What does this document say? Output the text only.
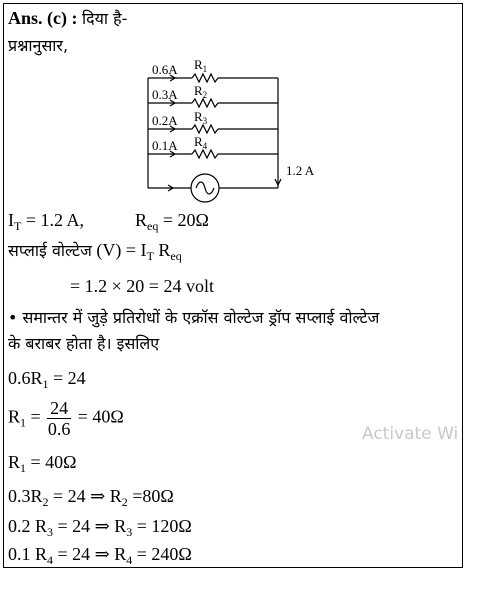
Ans. (c) : दिया है-
प्रश्नानुसार,
0.6A
0.3A
0.2A
0.1A
$R_1$
$R_2$
$R_3$
$R_4$
1.2 A
$I_T = 1.2$ A,	$R_{eq} = 20\Omega$
सप्लाई वोल्टेज $(V) = I_T$ $R_{eq}$
= 1.2 × 20 = 24 volt
• समान्तर में जुड़े प्रतिरोधों के एक्रॉस वोल्टेज ड्रॉप सप्लाई वोल्टेज
के बराबर होता है। इसलिए
$0.6R_1 = 24$
$R_1 = \frac{24}{0.6} = 40\Omega$
$R_1 = 40\Omega$
$0.3R_2 = 24$ ⇒ $R_2 =80\Omega$
0.2 $R_3 = 24$ ⇒ $R_3 = 120\Omega$
0.1 $R_4 = 24$ ⇒ $R_4 = 240\Omega$
Activate Wi
